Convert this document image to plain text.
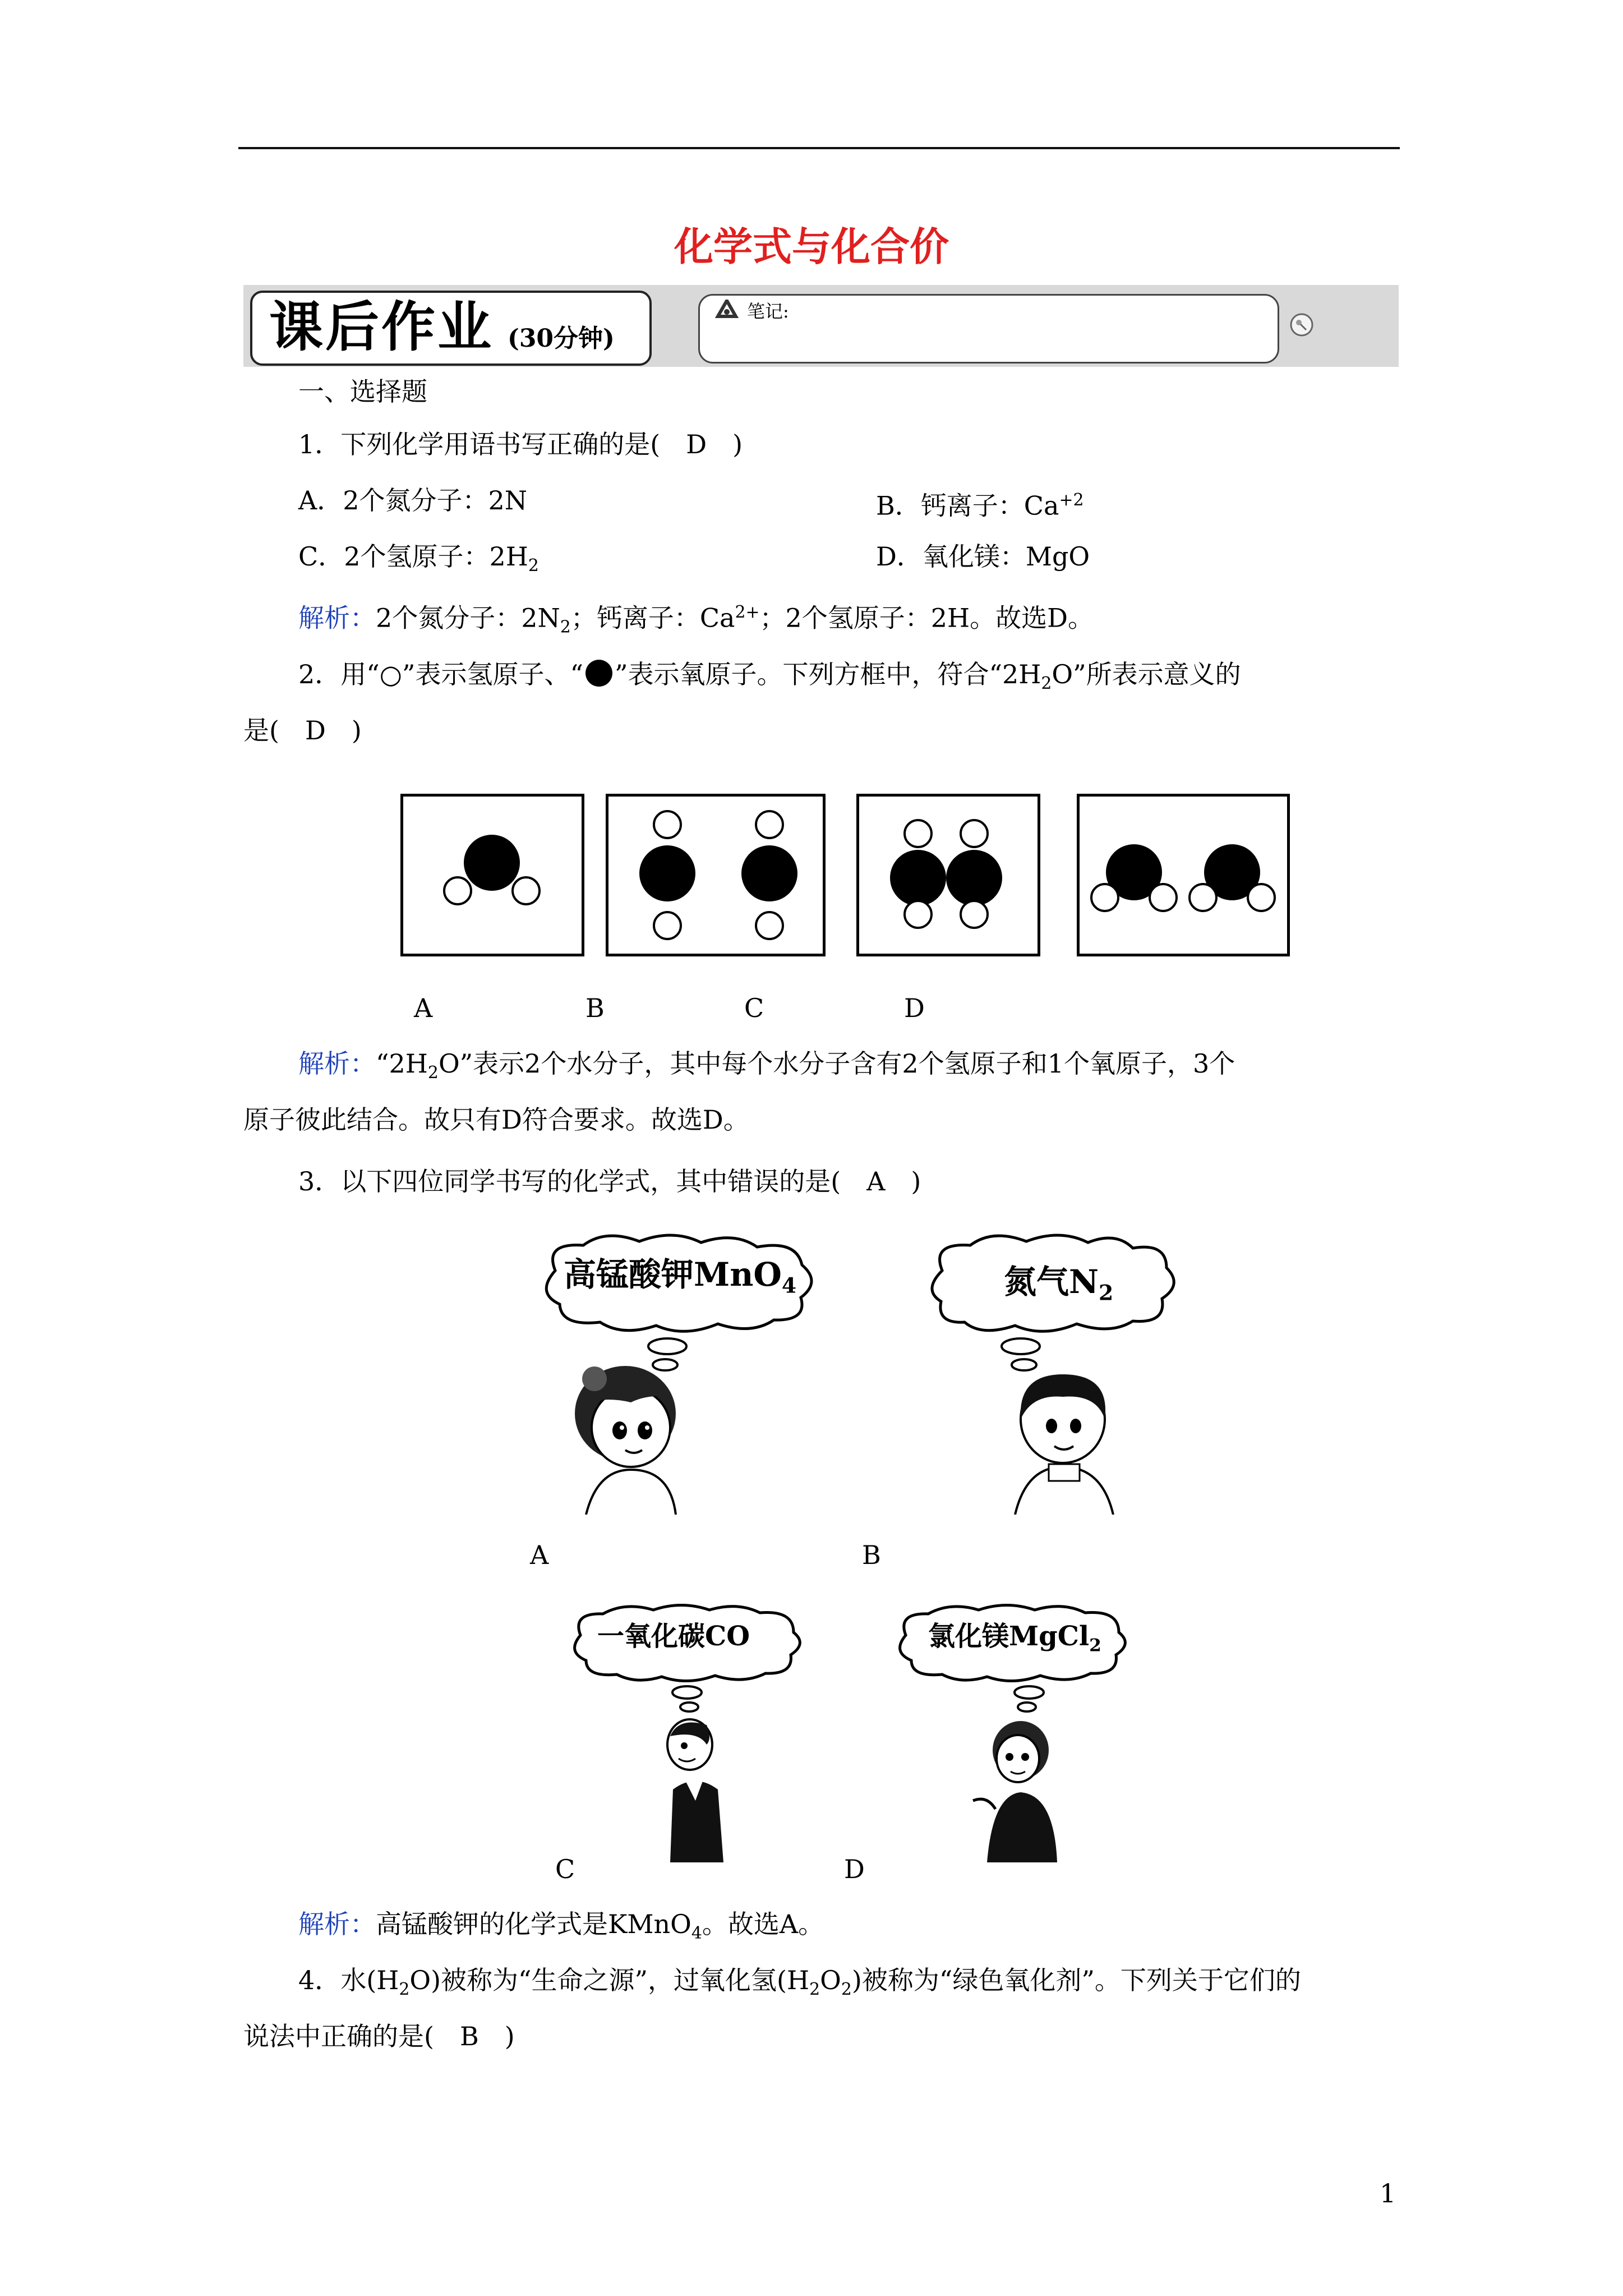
化学式与化合价
课后作业 (30分钟)
笔记:
一、选择题
1．下列化学用语书写正确的是(　D　)
A．2个氮分子：2N	B．钙离子：$Ca^{+2}$
C．2个氢原子：$2H_2$	D．氧化镁：MgO
解析：2个氮分子：$2N_2$；钙离子：$Ca^{2+}$；2个氢原子：2H。故选D。
2．用“○”表示氢原子、“ ”表示氧原子。下列方框中，符合“$2H_2O$”所表示意义的
是(　D　)
A	B	C	D
解析：“$2H_2O$”表示2个水分子，其中每个水分子含有2个氢原子和1个氧原子，3个
原子彼此结合。故只有D符合要求。故选D。
3．以下四位同学书写的化学式，其中错误的是(　A　)
高锰酸钾MnO$_4$	氮气$N_2$
A	B
一氧化碳CO	氯化镁MgCl$_2$
C	D
解析：高锰酸钾的化学式是KMnO$_4$。故选A。
4．水$(H_2O)$被称为“生命之源”，过氧化氢$(H_2O_2)$被称为“绿色氧化剂”。下列关于它们的
说法中正确的是(　B　)
1
